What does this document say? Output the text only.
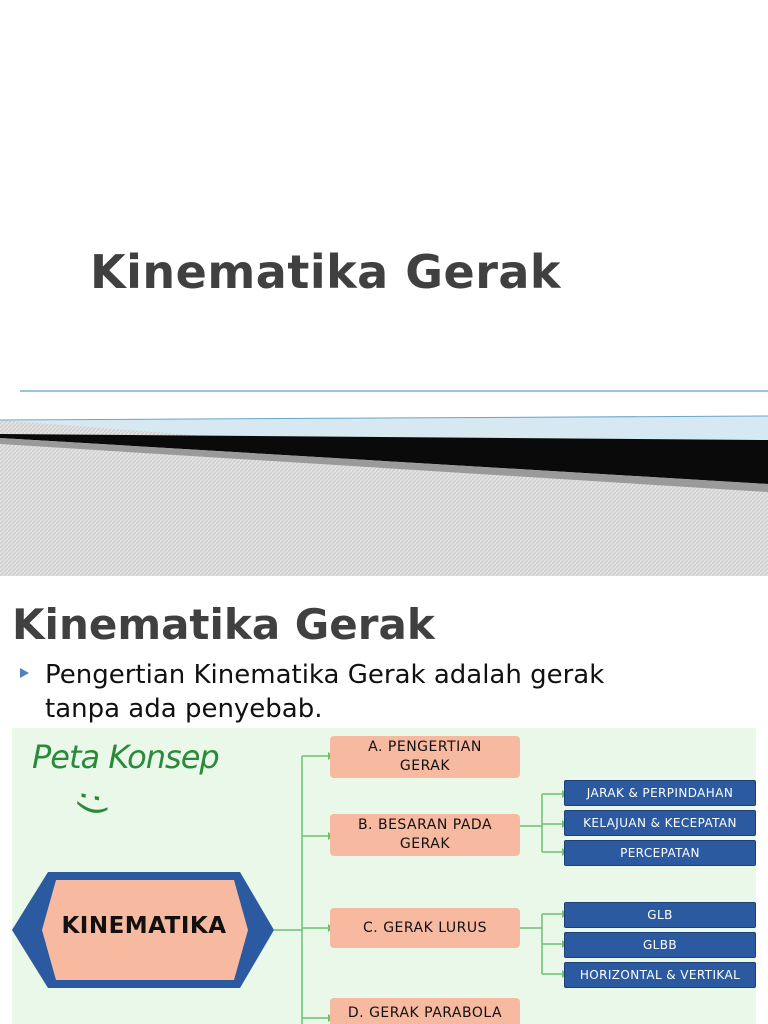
Kinematika Gerak
Kinematika Gerak
Pengertian Kinematika Gerak adalah gerak
tanpa ada penyebab.
Peta Konsep
:)
KINEMATIKA
A. PENGERTIAN
GERAK
B. BESARAN PADA
GERAK
C. GERAK LURUS
D. GERAK PARABOLA
JARAK & PERPINDAHAN
KELAJUAN & KECEPATAN
PERCEPATAN
GLB
GLBB
HORIZONTAL & VERTIKAL
